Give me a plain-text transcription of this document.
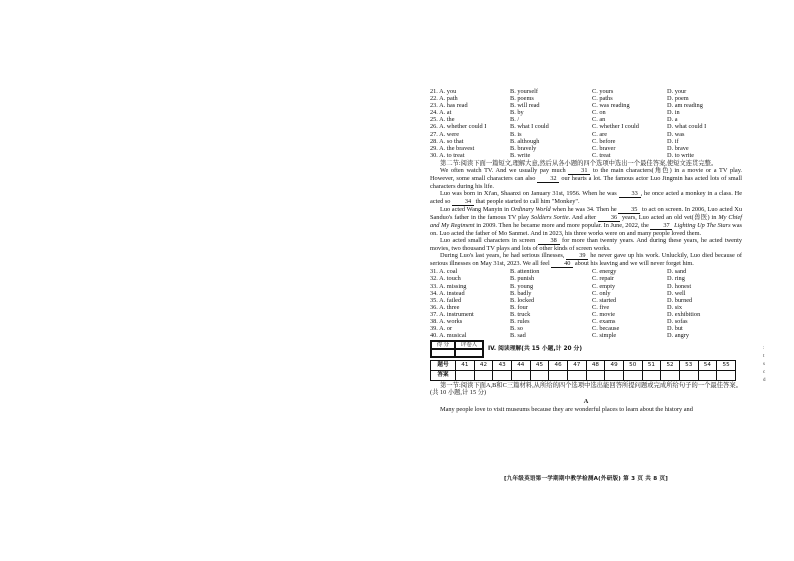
21. A. you	B. yourself	C. yours	D. your
22. A. path	B. poems	C. paths	D. poem
23. A. has read	B. will read	C. was reading	D. am reading
24. A. at	B. by	C. on	D. in
25. A. the	B. /	C. an	D. a
26. A. whether could I	B. what I could	C. whether I could	D. what could I
27. A. were	B. is	C. are	D. was
28. A. so that	B. although	C. before	D. if
29. A. the bravest	B. bravely	C. braver	D. brave
30. A. to treat	B. write	C. treat	D. to write

第二节:阅读下面一篇短文,理解大意,然后从各小题的四个选项中选出一个最佳答案,使短文连贯完整。

We often watch TV. And we usually pay much 31 to the main characters(角色) in a movie or a TV play. However, some small characters can also 32 our hearts a lot. The famous actor Luo Jingmin has acted lots of small characters during his life.

Luo was born in Xi'an, Shaanxi on January 31st, 1956. When he was 33 , he once acted a monkey in a class. He acted so 34 that people started to call him "Monkey".

Luo acted Wang Manyin in Ordinary World when he was 34. Then he 35 to act on screen. In 2006, Luo acted Xu Sanduo's father in the famous TV play Soldiers Sortie. And after 36 years, Luo acted an old vet(兽医) in My Chief and My Regiment in 2009. Then he became more and more popular. In June, 2022, the 37 Lighting Up The Stars was on. Luo acted the father of Mo Sanmei. And in 2023, his three works were on and many people loved them.

Luo acted small characters in screen 38 for more than twenty years. And during these years, he acted twenty movies, two thousand TV plays and lots of other kinds of screen works.

During Luo's last years, he had serious illnesses, 39 he never gave up his work. Unluckily, Luo died because of serious illnesses on May 31st, 2023. We all feel 40 about his leaving and we will never forget him.

31. A. coal	B. attention	C. energy	D. sand
32. A. touch	B. punish	C. repair	D. ring
33. A. missing	B. young	C. empty	D. honest
34. A. instead	B. badly	C. only	D. well
35. A. failed	B. locked	C. started	D. burned
36. A. three	B. four	C. five	D. six
37. A. instrument	B. truck	C. movie	D. exhibition
38. A. works	B. rules	C. exams	D. sofas
39. A. or	B. so	C. because	D. but
40. A. musical	B. sad	C. simple	D. angry
得 分	评卷人
IV. 阅读理解(共 15 小题,计 20 分)
题号	41	42	43	44	45	46	47	48	49	50	51	52	53	54	55
答案															

第一节:阅读下面A,B和C三篇材料,从所给的四个选项中选出能回答所提问题或完成所给句子的一个最佳答案。(共 10 小题,计 15 分)

A

Many people love to visit museums because they are wonderful places to learn about the history and

[九年级英语第一学期期中教学检测A(外研版) 第 3 页 共 8 页]
:
t
s
c
d
